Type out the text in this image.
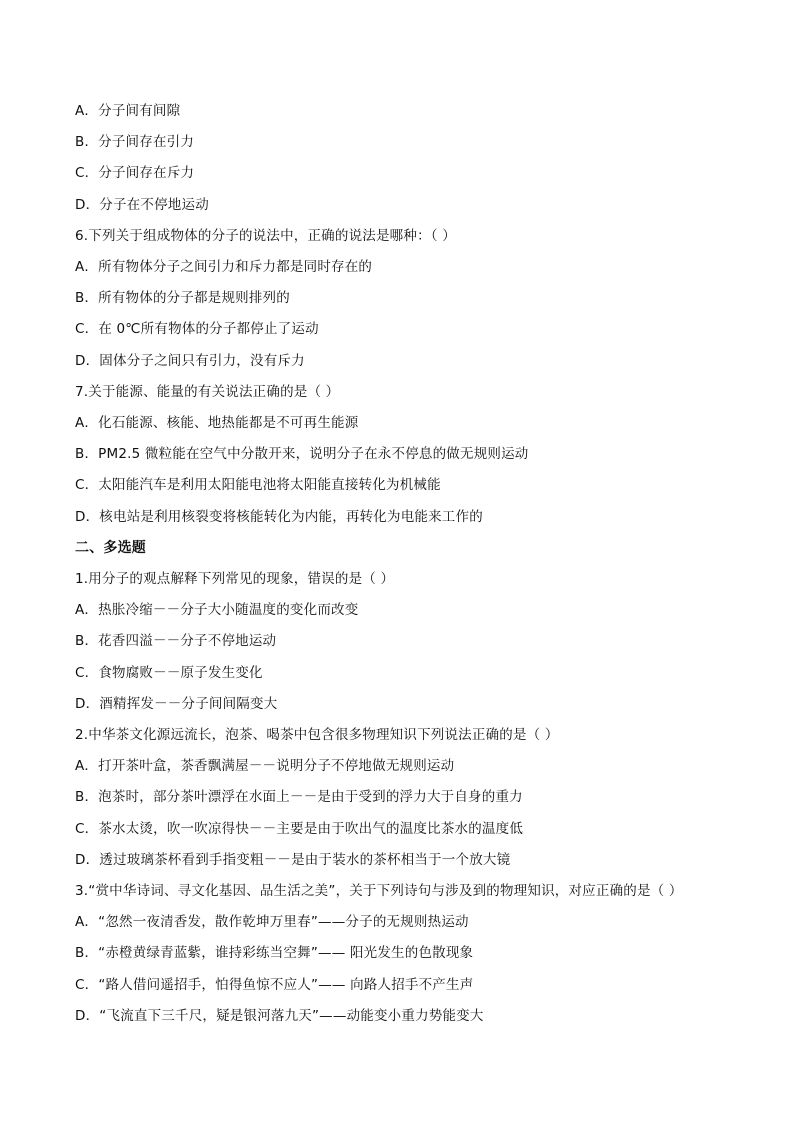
A．分子间有间隙
B．分子间存在引力
C．分子间存在斥力
D．分子在不停地运动
6.下列关于组成物体的分子的说法中，正确的说法是哪种：（ ）
A．所有物体分子之间引力和斥力都是同时存在的
B．所有物体的分子都是规则排列的
C．在 0℃所有物体的分子都停止了运动
D．固体分子之间只有引力，没有斥力
7.关于能源、能量的有关说法正确的是（ ）
A．化石能源、核能、地热能都是不可再生能源
B．PM2.5 微粒能在空气中分散开来，说明分子在永不停息的做无规则运动
C．太阳能汽车是利用太阳能电池将太阳能直接转化为机械能
D．核电站是利用核裂变将核能转化为内能，再转化为电能来工作的
二、多选题
1.用分子的观点解释下列常见的现象，错误的是（ ）
A．热胀冷缩－－分子大小随温度的变化而改变
B．花香四溢－－分子不停地运动
C．食物腐败－－原子发生变化
D．酒精挥发－－分子间间隔变大
2.中华茶文化源远流长，泡茶、喝茶中包含很多物理知识下列说法正确的是（ ）
A．打开茶叶盒，茶香飘满屋－－说明分子不停地做无规则运动
B．泡茶时，部分茶叶漂浮在水面上－－是由于受到的浮力大于自身的重力
C．茶水太烫，吹一吹凉得快－－主要是由于吹出气的温度比茶水的温度低
D．透过玻璃茶杯看到手指变粗－－是由于装水的茶杯相当于一个放大镜
3.“赏中华诗词、寻文化基因、品生活之美”，关于下列诗句与涉及到的物理知识，对应正确的是（ ）
A．“忽然一夜清香发，散作乾坤万里春”——分子的无规则热运动
B．“赤橙黄绿青蓝紫，谁持彩练当空舞”—— 阳光发生的色散现象
C．“路人借问遥招手，怕得鱼惊不应人”—— 向路人招手不产生声
D．“飞流直下三千尺，疑是银河落九天”——动能变小重力势能变大
